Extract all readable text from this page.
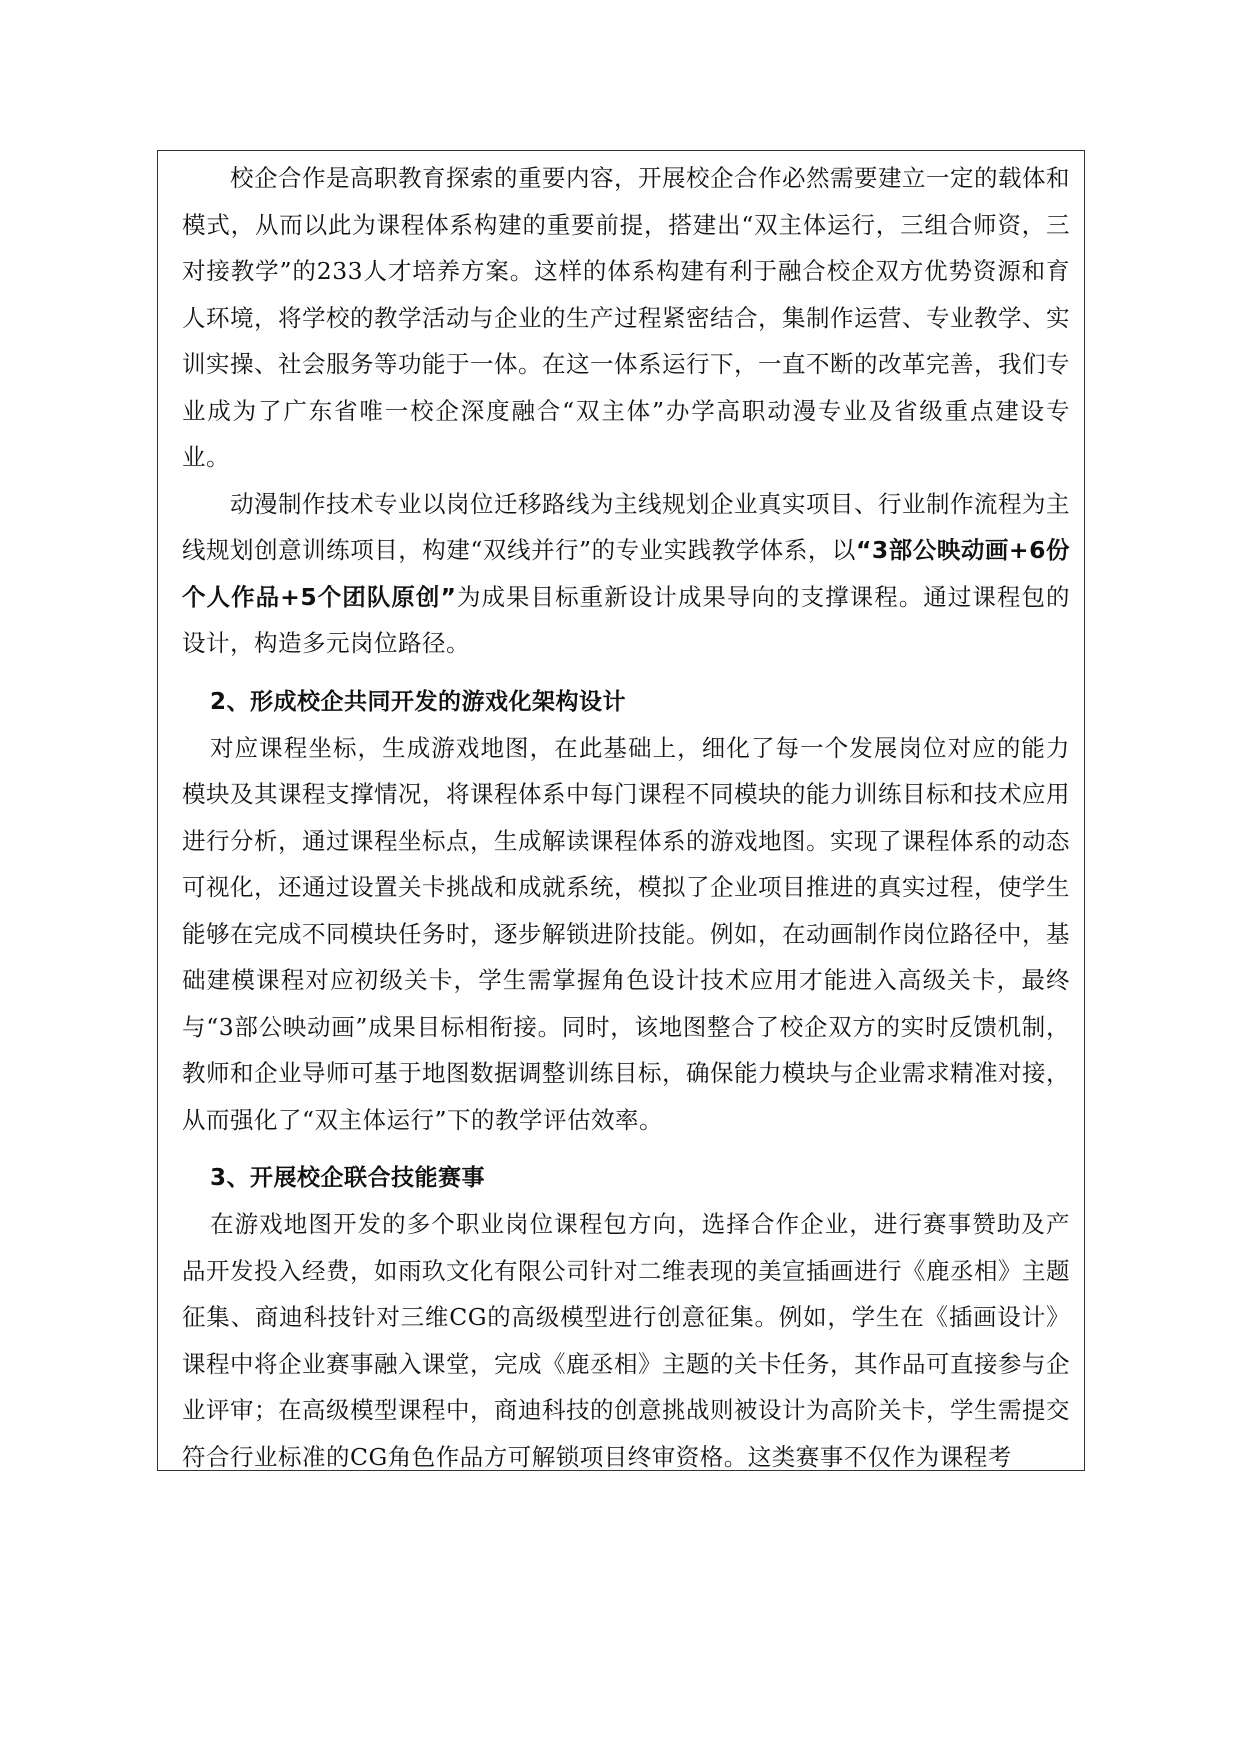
校企合作是高职教育探索的重要内容，开展校企合作必然需要建立一定的载体和模式，从而以此为课程体系构建的重要前提，搭建出“双主体运行，三组合师资，三对接教学”的233人才培养方案。这样的体系构建有利于融合校企双方优势资源和育人环境，将学校的教学活动与企业的生产过程紧密结合，集制作运营、专业教学、实训实操、社会服务等功能于一体。在这一体系运行下，一直不断的改革完善，我们专业成为了广东省唯一校企深度融合“双主体”办学高职动漫专业及省级重点建设专业。

动漫制作技术专业以岗位迁移路线为主线规划企业真实项目、行业制作流程为主线规划创意训练项目，构建“双线并行”的专业实践教学体系，以“3部公映动画+6份个人作品+5个团队原创”为成果目标重新设计成果导向的支撑课程。通过课程包的设计，构造多元岗位路径。

2、形成校企共同开发的游戏化架构设计

对应课程坐标，生成游戏地图，在此基础上，细化了每一个发展岗位对应的能力模块及其课程支撑情况，将课程体系中每门课程不同模块的能力训练目标和技术应用进行分析，通过课程坐标点，生成解读课程体系的游戏地图。实现了课程体系的动态可视化，还通过设置关卡挑战和成就系统，模拟了企业项目推进的真实过程，使学生能够在完成不同模块任务时，逐步解锁进阶技能。例如，在动画制作岗位路径中，基础建模课程对应初级关卡，学生需掌握角色设计技术应用才能进入高级关卡，最终与“3部公映动画”成果目标相衔接。同时，该地图整合了校企双方的实时反馈机制，教师和企业导师可基于地图数据调整训练目标，确保能力模块与企业需求精准对接，从而强化了“双主体运行”下的教学评估效率。

3、开展校企联合技能赛事

在游戏地图开发的多个职业岗位课程包方向，选择合作企业，进行赛事赞助及产品开发投入经费，如雨玖文化有限公司针对二维表现的美宣插画进行《鹿丞相》主题征集、商迪科技针对三维CG的高级模型进行创意征集。例如，学生在《插画设计》课程中将企业赛事融入课堂，完成《鹿丞相》主题的关卡任务，其作品可直接参与企业评审；在高级模型课程中，商迪科技的创意挑战则被设计为高阶关卡，学生需提交符合行业标准的CG角色作品方可解锁项目终审资格。这类赛事不仅作为课程考
